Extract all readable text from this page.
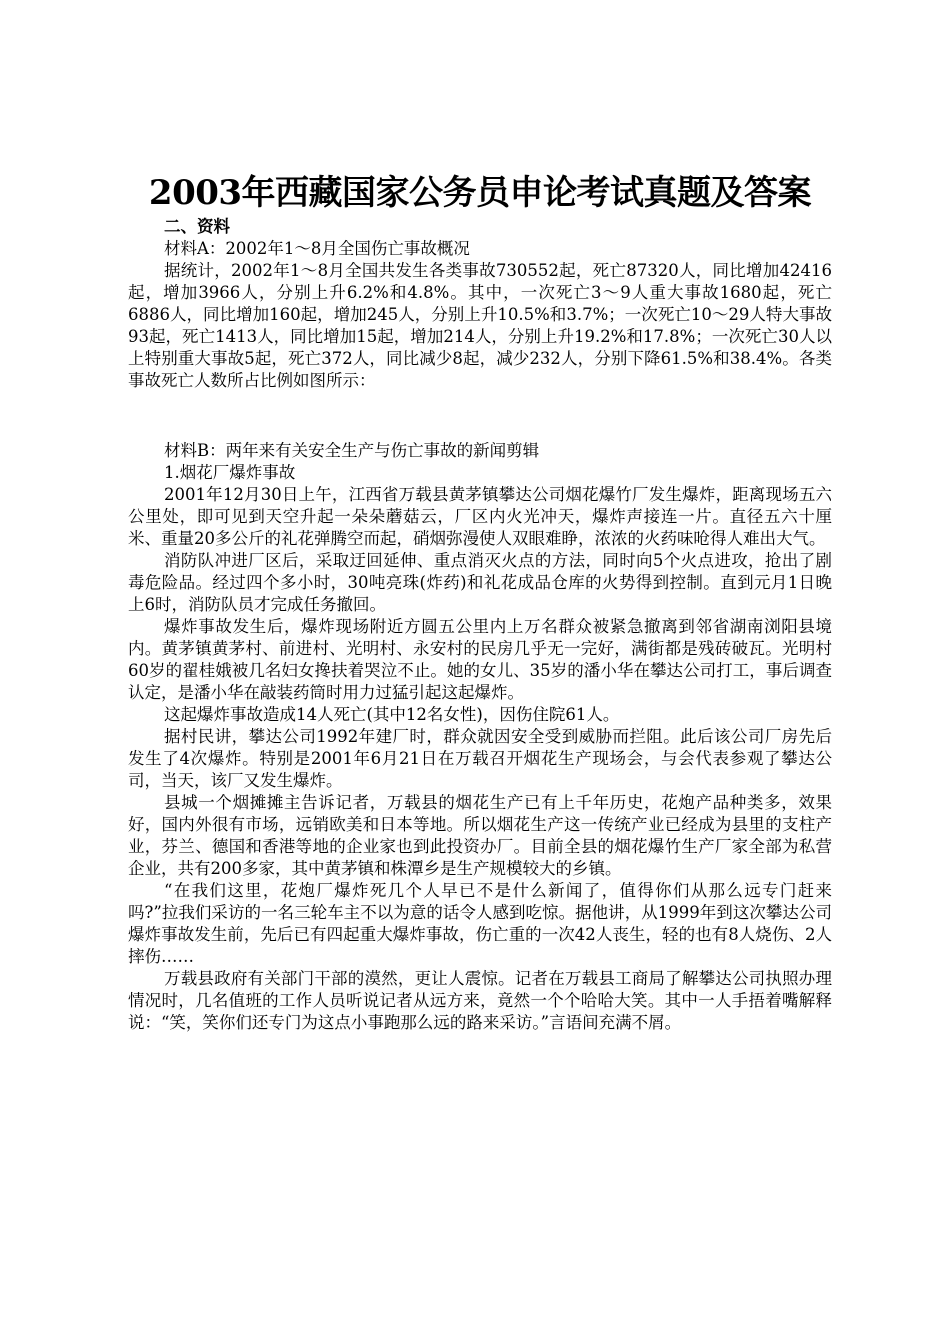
2003年西藏国家公务员申论考试真题及答案
二、资料

材料A：2002年1～8月全国伤亡事故概况

据统计，2002年1～8月全国共发生各类事故730552起，死亡87320人，同比增加42416起，增加3966人，分别上升6.2%和4.8%。其中，一次死亡3～9人重大事故1680起，死亡6886人，同比增加160起，增加245人，分别上升10.5%和3.7%；一次死亡10～29人特大事故93起，死亡1413人，同比增加15起，增加214人，分别上升19.2%和17.8%；一次死亡30人以上特别重大事故5起，死亡372人，同比减少8起，减少232人，分别下降61.5%和38.4%。各类事故死亡人数所占比例如图所示：

材料B：两年来有关安全生产与伤亡事故的新闻剪辑

1.烟花厂爆炸事故

2001年12月30日上午，江西省万载县黄茅镇攀达公司烟花爆竹厂发生爆炸，距离现场五六公里处，即可见到天空升起一朵朵蘑菇云，厂区内火光冲天，爆炸声接连一片。直径五六十厘米、重量20多公斤的礼花弹腾空而起，硝烟弥漫使人双眼难睁，浓浓的火药味呛得人难出大气。

消防队冲进厂区后，采取迂回延伸、重点消灭火点的方法，同时向5个火点进攻，抢出了剧毒危险品。经过四个多小时，30吨亮珠(炸药)和礼花成品仓库的火势得到控制。直到元月1日晚上6时，消防队员才完成任务撤回。

爆炸事故发生后，爆炸现场附近方圆五公里内上万名群众被紧急撤离到邻省湖南浏阳县境内。黄茅镇黄茅村、前进村、光明村、永安村的民房几乎无一完好，满街都是残砖破瓦。光明村60岁的翟桂娥被几名妇女搀扶着哭泣不止。她的女儿、35岁的潘小华在攀达公司打工，事后调查认定，是潘小华在敲装药筒时用力过猛引起这起爆炸。

这起爆炸事故造成14人死亡(其中12名女性)，因伤住院61人。

据村民讲，攀达公司1992年建厂时，群众就因安全受到威胁而拦阻。此后该公司厂房先后发生了4次爆炸。特别是2001年6月21日在万载召开烟花生产现场会，与会代表参观了攀达公司，当天，该厂又发生爆炸。

县城一个烟摊摊主告诉记者，万载县的烟花生产已有上千年历史，花炮产品种类多，效果好，国内外很有市场，远销欧美和日本等地。所以烟花生产这一传统产业已经成为县里的支柱产业，芬兰、德国和香港等地的企业家也到此投资办厂。目前全县的烟花爆竹生产厂家全部为私营企业，共有200多家，其中黄茅镇和株潭乡是生产规模较大的乡镇。

“在我们这里，花炮厂爆炸死几个人早已不是什么新闻了，值得你们从那么远专门赶来吗?”拉我们采访的一名三轮车主不以为意的话令人感到吃惊。据他讲，从1999年到这次攀达公司爆炸事故发生前，先后已有四起重大爆炸事故，伤亡重的一次42人丧生，轻的也有8人烧伤、2人摔伤……

万载县政府有关部门干部的漠然，更让人震惊。记者在万载县工商局了解攀达公司执照办理情况时，几名值班的工作人员听说记者从远方来，竟然一个个哈哈大笑。其中一人手捂着嘴解释说：“笑，笑你们还专门为这点小事跑那么远的路来采访。”言语间充满不屑。
